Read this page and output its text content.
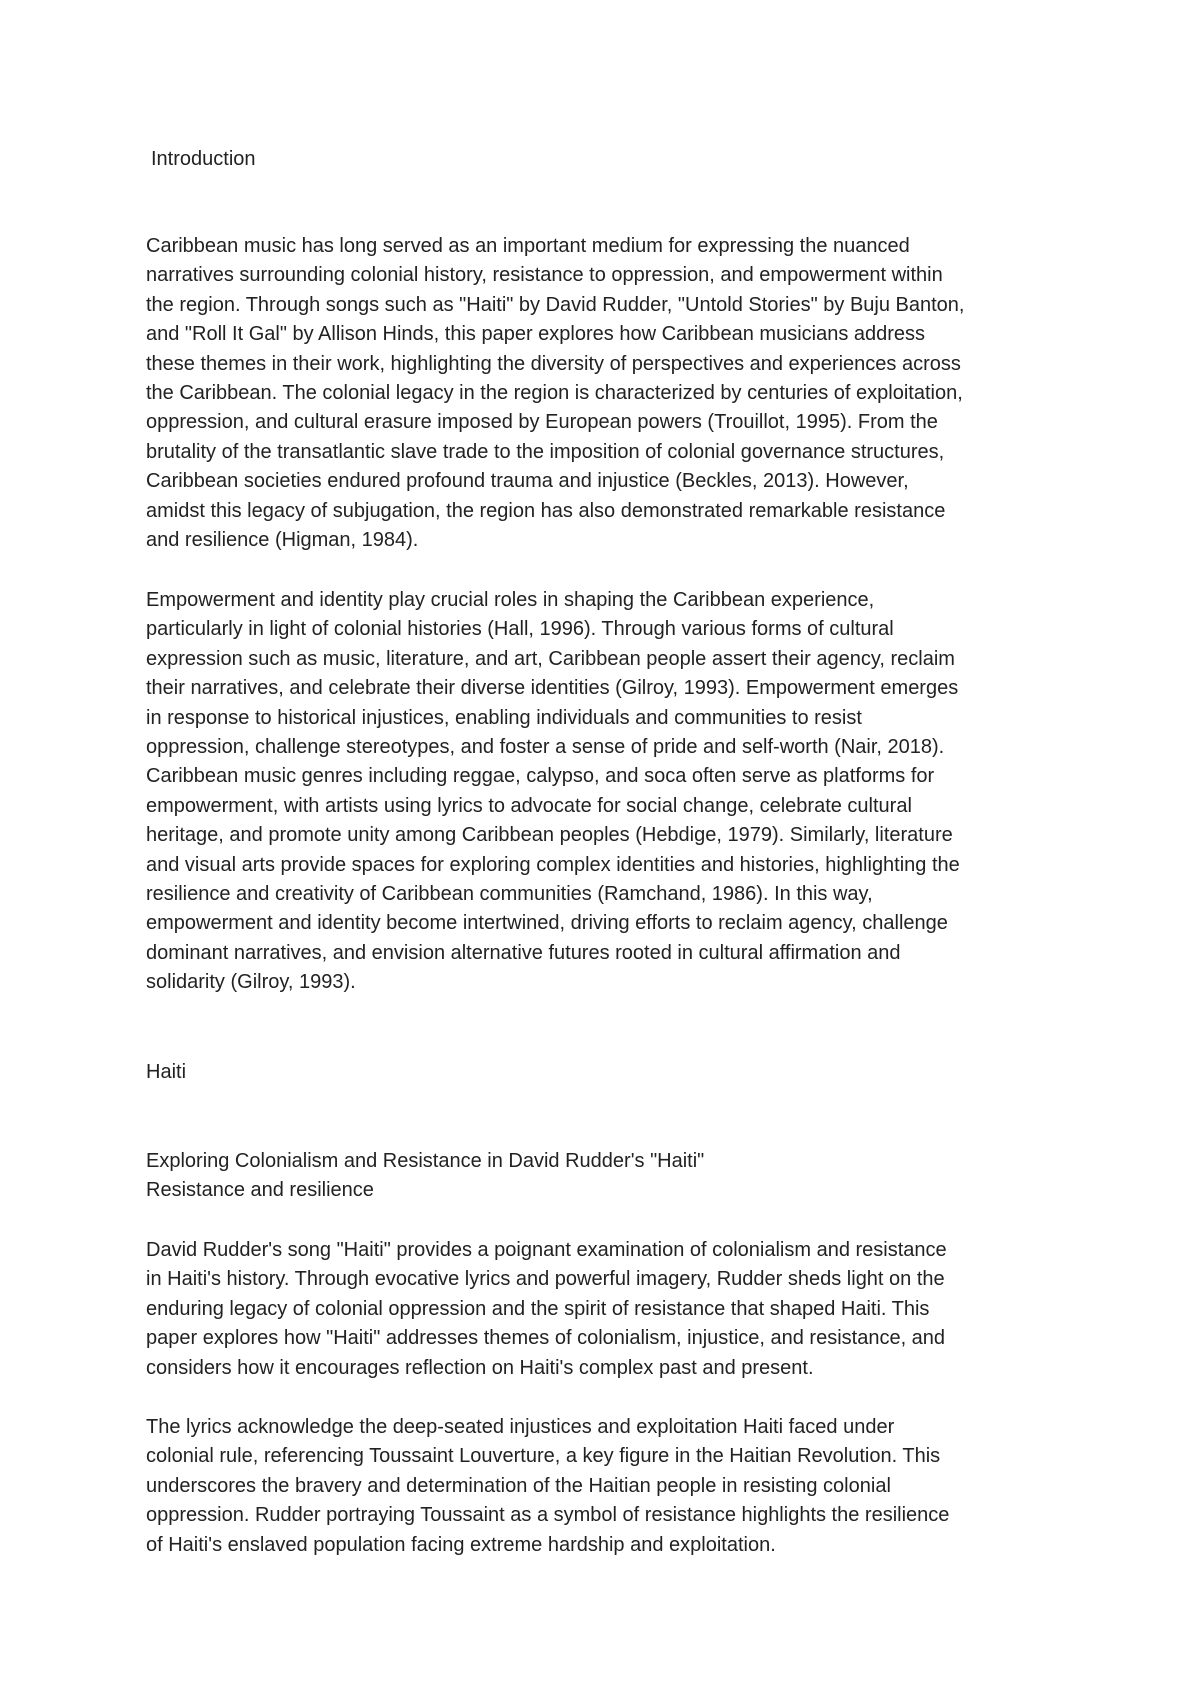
Introduction

Caribbean music has long served as an important medium for expressing the nuanced
narratives surrounding colonial history, resistance to oppression, and empowerment within
the region. Through songs such as "Haiti" by David Rudder, "Untold Stories" by Buju Banton,
and "Roll It Gal" by Allison Hinds, this paper explores how Caribbean musicians address
these themes in their work, highlighting the diversity of perspectives and experiences across
the Caribbean. The colonial legacy in the region is characterized by centuries of exploitation,
oppression, and cultural erasure imposed by European powers (Trouillot, 1995). From the
brutality of the transatlantic slave trade to the imposition of colonial governance structures,
Caribbean societies endured profound trauma and injustice (Beckles, 2013). However,
amidst this legacy of subjugation, the region has also demonstrated remarkable resistance
and resilience (Higman, 1984).

Empowerment and identity play crucial roles in shaping the Caribbean experience,
particularly in light of colonial histories (Hall, 1996). Through various forms of cultural
expression such as music, literature, and art, Caribbean people assert their agency, reclaim
their narratives, and celebrate their diverse identities (Gilroy, 1993). Empowerment emerges
in response to historical injustices, enabling individuals and communities to resist
oppression, challenge stereotypes, and foster a sense of pride and self-worth (Nair, 2018).
Caribbean music genres including reggae, calypso, and soca often serve as platforms for
empowerment, with artists using lyrics to advocate for social change, celebrate cultural
heritage, and promote unity among Caribbean peoples (Hebdige, 1979). Similarly, literature
and visual arts provide spaces for exploring complex identities and histories, highlighting the
resilience and creativity of Caribbean communities (Ramchand, 1986). In this way,
empowerment and identity become intertwined, driving efforts to reclaim agency, challenge
dominant narratives, and envision alternative futures rooted in cultural affirmation and
solidarity (Gilroy, 1993).

Haiti

Exploring Colonialism and Resistance in David Rudder's "Haiti"
Resistance and resilience

David Rudder's song "Haiti" provides a poignant examination of colonialism and resistance
in Haiti's history. Through evocative lyrics and powerful imagery, Rudder sheds light on the
enduring legacy of colonial oppression and the spirit of resistance that shaped Haiti. This
paper explores how "Haiti" addresses themes of colonialism, injustice, and resistance, and
considers how it encourages reflection on Haiti's complex past and present.

The lyrics acknowledge the deep-seated injustices and exploitation Haiti faced under
colonial rule, referencing Toussaint Louverture, a key figure in the Haitian Revolution. This
underscores the bravery and determination of the Haitian people in resisting colonial
oppression. Rudder portraying Toussaint as a symbol of resistance highlights the resilience
of Haiti's enslaved population facing extreme hardship and exploitation.
